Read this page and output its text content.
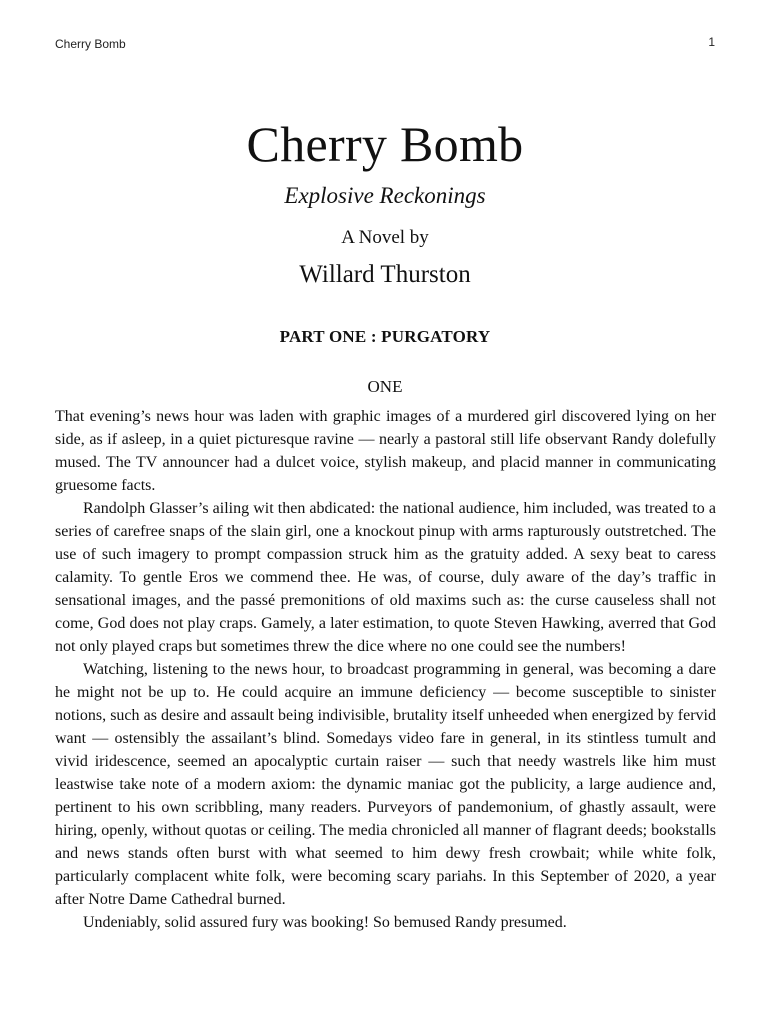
Cherry Bomb	1
Cherry Bomb
Explosive Reckonings
A Novel by
Willard Thurston
PART ONE : PURGATORY
ONE

That evening’s news hour was laden with graphic images of a murdered girl discovered lying on her side, as if asleep, in a quiet picturesque ravine — nearly a pastoral still life observant Randy dolefully mused. The TV announcer had a dulcet voice, stylish makeup, and placid manner in communicating gruesome facts.

Randolph Glasser’s ailing wit then abdicated: the national audience, him included, was treated to a series of carefree snaps of the slain girl, one a knockout pinup with arms rapturously outstretched. The use of such imagery to prompt compassion struck him as the gratuity added. A sexy beat to caress calamity. To gentle Eros we commend thee. He was, of course, duly aware of the day’s traffic in sensational images, and the passé premonitions of old maxims such as: the curse causeless shall not come, God does not play craps. Gamely, a later estimation, to quote Steven Hawking, averred that God not only played craps but sometimes threw the dice where no one could see the numbers!

Watching, listening to the news hour, to broadcast programming in general, was becoming a dare he might not be up to. He could acquire an immune deficiency — become susceptible to sinister notions, such as desire and assault being indivisible, brutality itself unheeded when energized by fervid want — ostensibly the assailant’s blind. Somedays video fare in general, in its stintless tumult and vivid iridescence, seemed an apocalyptic curtain raiser — such that needy wastrels like him must leastwise take note of a modern axiom: the dynamic maniac got the publicity, a large audience and, pertinent to his own scribbling, many readers. Purveyors of pandemonium, of ghastly assault, were hiring, openly, without quotas or ceiling. The media chronicled all manner of flagrant deeds; bookstalls and news stands often burst with what seemed to him dewy fresh crowbait; while white folk, particularly complacent white folk, were becoming scary pariahs. In this September of 2020, a year after Notre Dame Cathedral burned.

Undeniably, solid assured fury was booking! So bemused Randy presumed.
